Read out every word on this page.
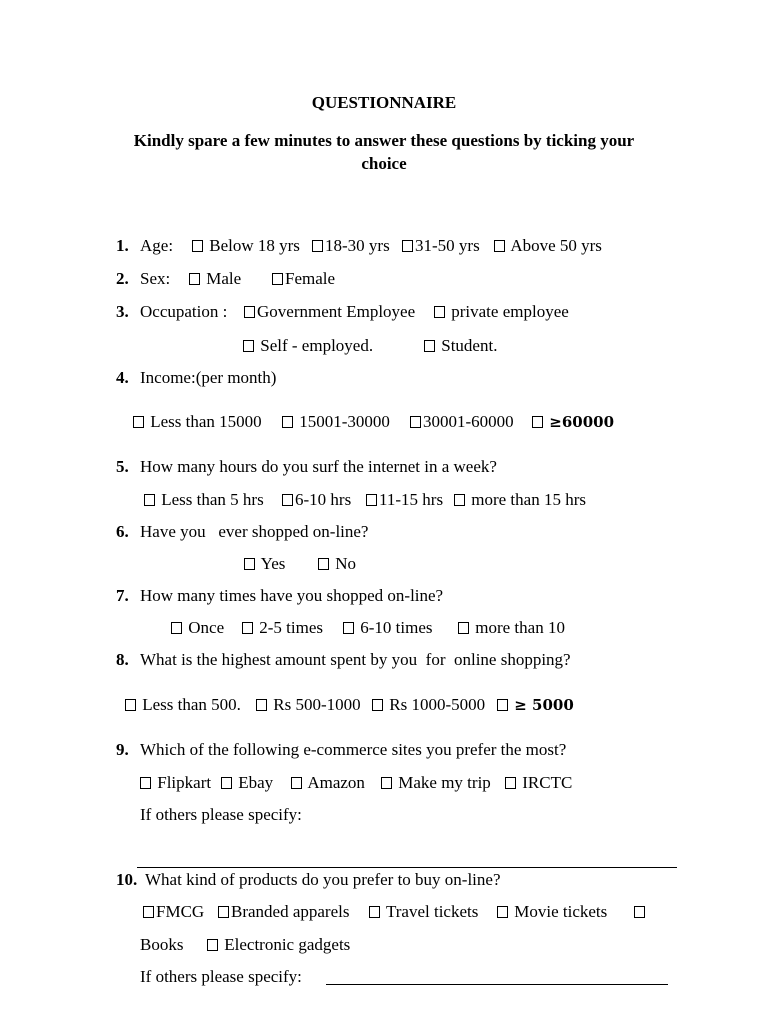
QUESTIONNAIRE
Kindly spare a few minutes to answer these questions by ticking your
choice
1. Age:	Below 18 yrs	18-30 yrs	31-50 yrs	Above 50 yrs
2. Sex:	Male	Female
3. Occupation :	Government Employee	private employee
Self - employed.	Student.
4. Income:(per month)
Less than 15000	15001-30000	30001-60000	≥60000
5. How many hours do you surf the internet in a week?
Less than 5 hrs	6-10 hrs	11-15 hrs	more than 15 hrs
6. Have you   ever shopped on-line?
Yes	No
7. How many times have you shopped on-line?
Once	2-5 times	6-10 times	more than 10
8. What is the highest amount spent by you  for  online shopping?
Less than 500.	Rs 500-1000	Rs 1000-5000	≥ 5000
9. Which of the following e-commerce sites you prefer the most?
Flipkart	Ebay	Amazon	Make my trip	IRCTC
If others please specify:
10. What kind of products do you prefer to buy on-line?
FMCG	Branded apparels	Travel tickets	Movie tickets
Books	Electronic gadgets
If others please specify:
